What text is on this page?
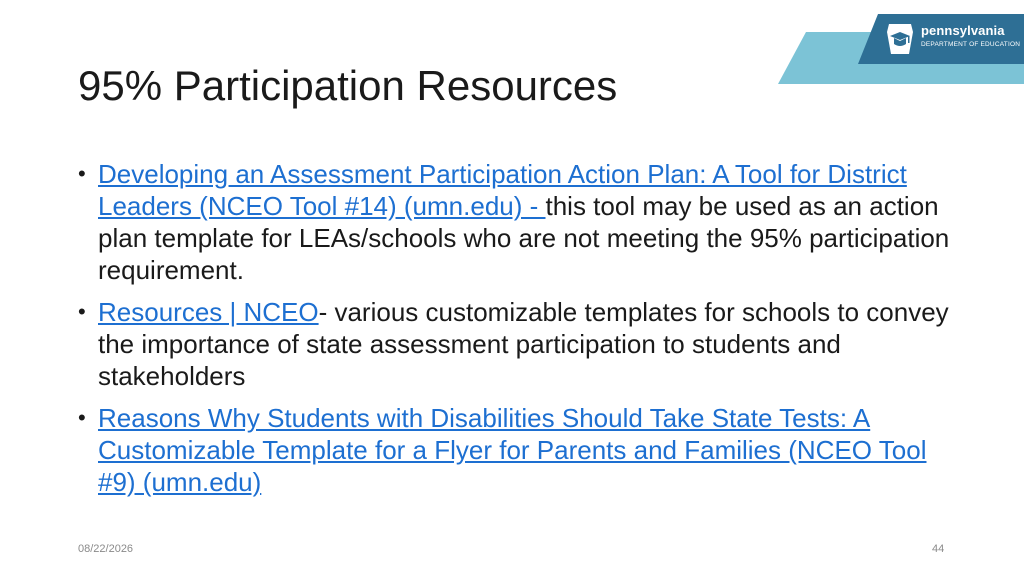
pennsylvania
DEPARTMENT OF EDUCATION
95% Participation Resources
• Developing an Assessment Participation Action Plan: A Tool for District Leaders (NCEO Tool #14) (umn.edu) - this tool may be used as an action plan template for LEAs/schools who are not meeting the 95% participation requirement.
• Resources | NCEO- various customizable templates for schools to convey the importance of state assessment participation to students and stakeholders
• Reasons Why Students with Disabilities Should Take State Tests: A Customizable Template for a Flyer for Parents and Families (NCEO Tool #9) (umn.edu)
08/22/2026	44
